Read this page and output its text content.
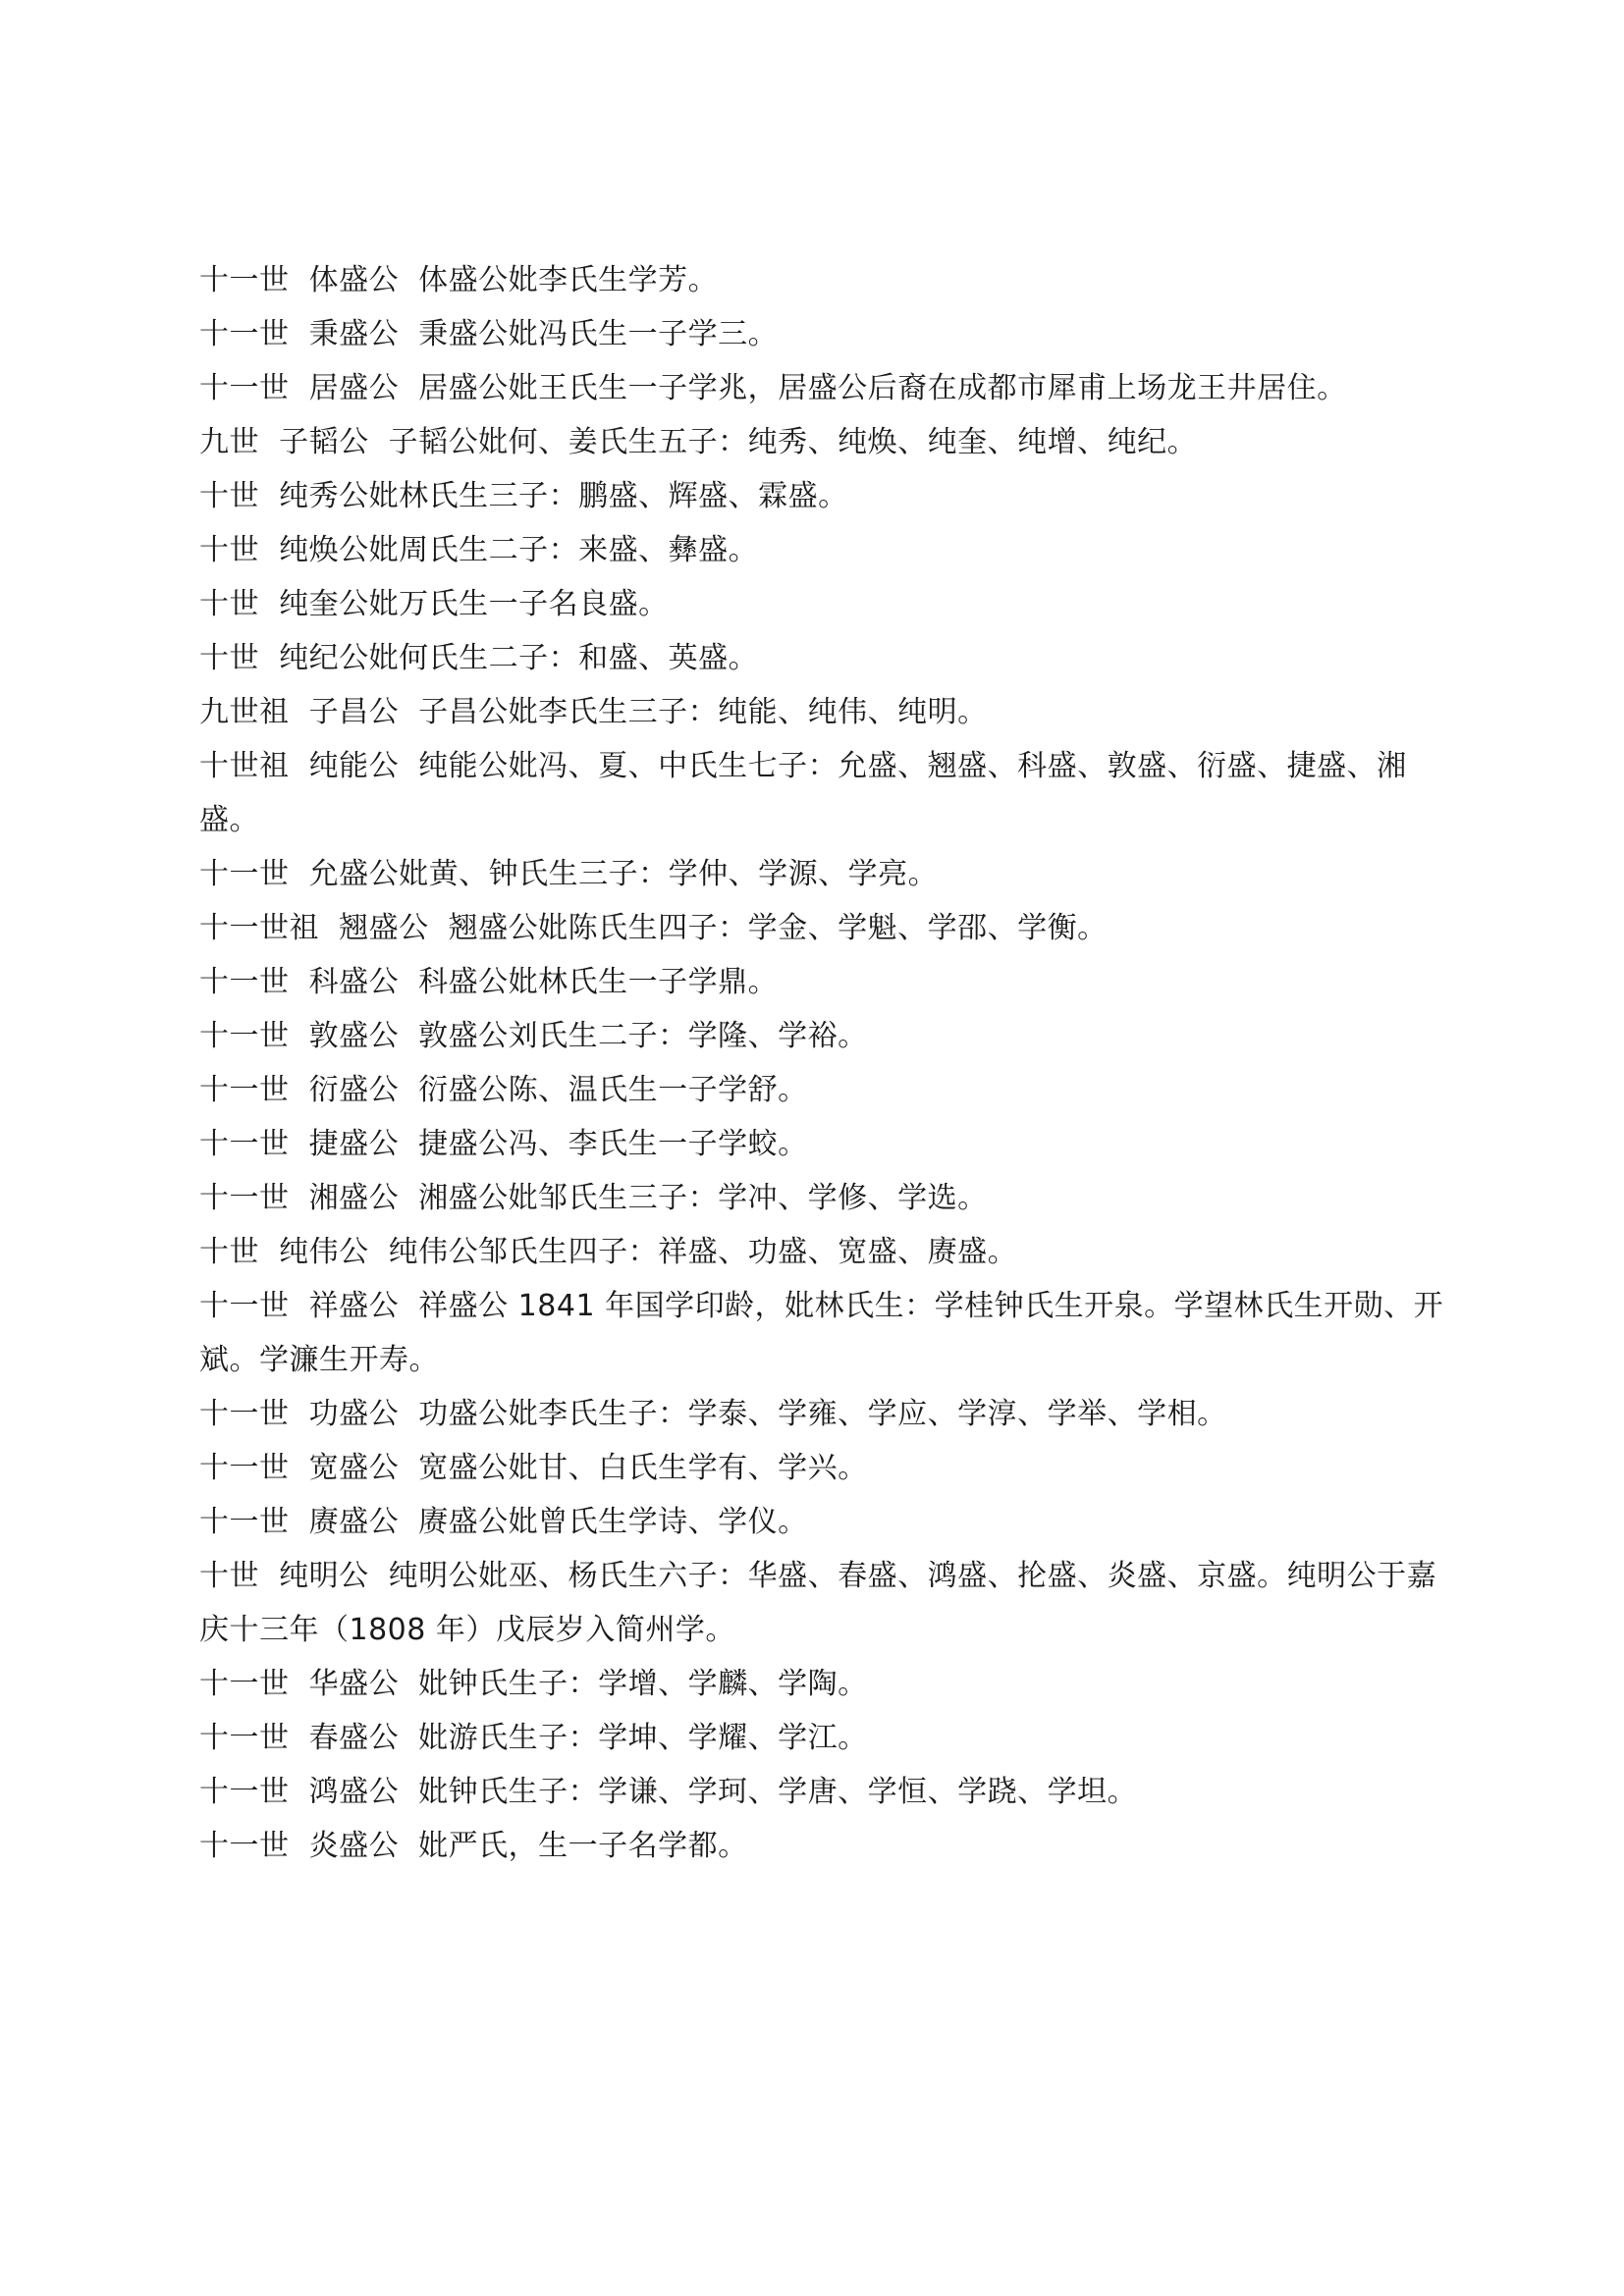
十一世  体盛公  体盛公妣李氏生学芳。

十一世  秉盛公  秉盛公妣冯氏生一子学三。

十一世  居盛公  居盛公妣王氏生一子学兆，居盛公后裔在成都市犀甫上场龙王井居住。

九世  子韬公  子韬公妣何、姜氏生五子：纯秀、纯焕、纯奎、纯增、纯纪。

十世  纯秀公妣林氏生三子：鹏盛、辉盛、霖盛。

十世  纯焕公妣周氏生二子：来盛、彝盛。

十世  纯奎公妣万氏生一子名良盛。

十世  纯纪公妣何氏生二子：和盛、英盛。

九世祖  子昌公  子昌公妣李氏生三子：纯能、纯伟、纯明。

十世祖  纯能公  纯能公妣冯、夏、中氏生七子：允盛、翘盛、科盛、敦盛、衍盛、捷盛、湘盛。

十一世  允盛公妣黄、钟氏生三子：学仲、学源、学亮。

十一世祖  翘盛公  翘盛公妣陈氏生四子：学金、学魁、学邵、学衡。

十一世  科盛公  科盛公妣林氏生一子学鼎。

十一世  敦盛公  敦盛公刘氏生二子：学隆、学裕。

十一世  衍盛公  衍盛公陈、温氏生一子学舒。

十一世  捷盛公  捷盛公冯、李氏生一子学蛟。

十一世  湘盛公  湘盛公妣邹氏生三子：学冲、学修、学选。

十世  纯伟公  纯伟公邹氏生四子：祥盛、功盛、宽盛、赓盛。

十一世  祥盛公  祥盛公 1841 年国学印龄，妣林氏生：学桂钟氏生开泉。学望林氏生开勋、开斌。学濂生开寿。

十一世  功盛公  功盛公妣李氏生子：学泰、学雍、学应、学淳、学举、学相。

十一世  宽盛公  宽盛公妣甘、白氏生学有、学兴。

十一世  赓盛公  赓盛公妣曾氏生学诗、学仪。

十世  纯明公  纯明公妣巫、杨氏生六子：华盛、春盛、鸿盛、抡盛、炎盛、京盛。纯明公于嘉庆十三年（1808 年）戊辰岁入简州学。

十一世  华盛公  妣钟氏生子：学增、学麟、学陶。

十一世  春盛公  妣游氏生子：学坤、学耀、学江。

十一世  鸿盛公  妣钟氏生子：学谦、学珂、学唐、学恒、学跷、学坦。

十一世  炎盛公  妣严氏，生一子名学都。
